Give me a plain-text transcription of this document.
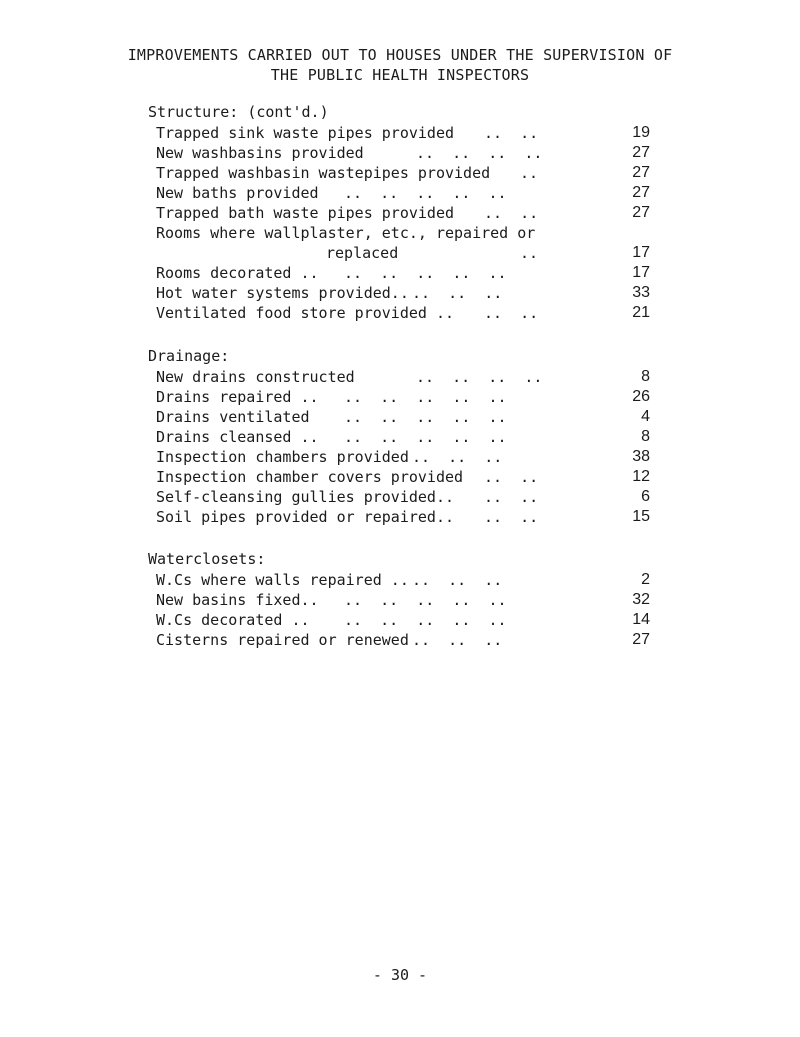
IMPROVEMENTS CARRIED OUT TO HOUSES UNDER THE SUPERVISION OF
THE PUBLIC HEALTH INSPECTORS
Structure: (cont'd.)
Trapped sink waste pipes provided ..  ..	19
New washbasins provided	..  ..  ..  ..	27
Trapped washbasin wastepipes provided ..	27
New baths provided ..  ..  ..  ..  ..	27
Trapped bath waste pipes provided ..  ..	27
Rooms where wallplaster, etc., repaired or
replaced	..	17
Rooms decorated .. ..  ..  ..  ..  ..	17
Hot water systems provided.. ..  ..  ..	33
Ventilated food store provided .. ..  ..	21
Drainage:
New drains constructed	..  ..  ..  ..	8
Drains repaired .. ..  ..  ..  ..  ..	26
Drains ventilated ..  ..  ..  ..  ..	4
Drains cleansed .. ..  ..  ..  ..  ..	8
Inspection chambers provided ..  ..  ..	38
Inspection chamber covers provided ..  ..	12
Self-cleansing gullies provided.. ..  ..	6
Soil pipes provided or repaired.. ..  ..	15
Waterclosets:
W.Cs where walls repaired .. ..  ..  ..	2
New basins fixed.. ..  ..  ..  ..  ..	32
W.Cs decorated .. ..  ..  ..  ..  ..	14
Cisterns repaired or renewed ..  ..  ..	27
- 30 -
